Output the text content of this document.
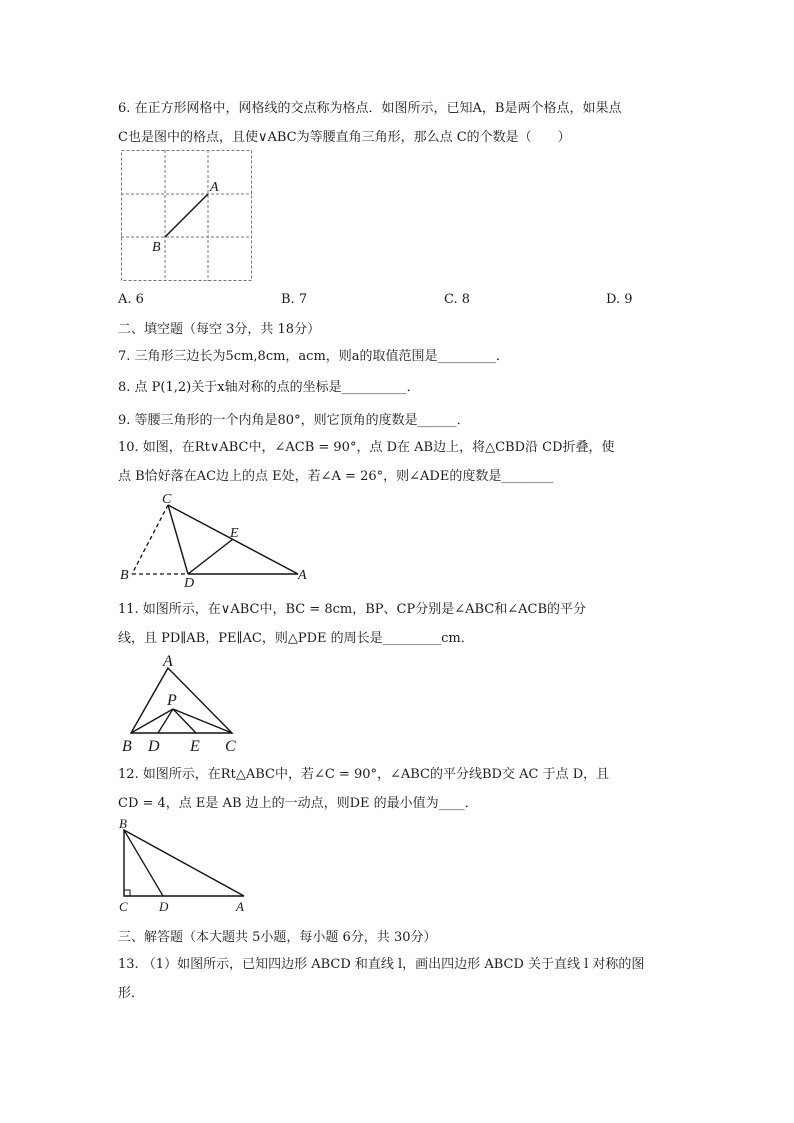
6. 在正方形网格中，网格线的交点称为格点．如图所示，已知A，B是两个格点，如果点
C也是图中的格点，且使∨ABC为等腰直角三角形，那么点 C的个数是（　　）
A
B
A. 6	B. 7	C. 8	D. 9
二、填空题（每空 3分，共 18分）
7. 三角形三边长为5cm,8cm，acm，则a的取值范围是_________．
8. 点 P(1,2)关于x轴对称的点的坐标是__________．
9. 等腰三角形的一个内角是80°，则它顶角的度数是______．
10. 如图，在Rt∨ABC中，∠ACB = 90°，点 D在 AB边上，将△CBD沿 CD折叠，使
点 B恰好落在AC边上的点 E处，若∠A = 26°，则∠ADE的度数是________
C
E
B
D
A
11. 如图所示，在∨ABC中，BC = 8cm，BP、CP分别是∠ABC和∠ACB的平分
线，且 PD∥AB，PE∥AC，则△PDE 的周长是_________cm．
A
P
B D E C
12. 如图所示，在Rt△ABC中，若∠C = 90°，∠ABC的平分线BD交 AC 于点 D，且
CD = 4，点 E是 AB 边上的一动点，则DE 的最小值为____．
B
C D	A
三、解答题（本大题共 5小题，每小题 6分，共 30分）
13. （1）如图所示，已知四边形 ABCD 和直线 l，画出四边形 ABCD 关于直线 l 对称的图
形．
